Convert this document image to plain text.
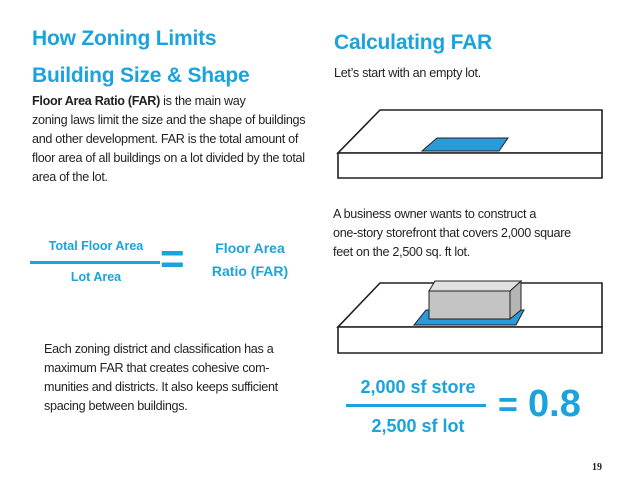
How Zoning Limits
Building Size & Shape
Floor Area Ratio (FAR) is the main way
zoning laws limit the size and the shape of buildings
and other development. FAR is the total amount of
floor area of all buildings on a lot divided by the total
area of the lot.
Total Floor Area
Lot Area =	Floor Area
Ratio (FAR)
Each zoning district and classification has a
maximum FAR that creates cohesive com-
munities and districts. It also keeps sufficient
spacing between buildings.
Calculating FAR
Let’s start with an empty lot.

A business owner wants to construct a
one-story storefront that covers 2,000 square
feet on the 2,500 sq. ft lot.
2,000 sf store
2,500 sf lot
= 0.8
19
